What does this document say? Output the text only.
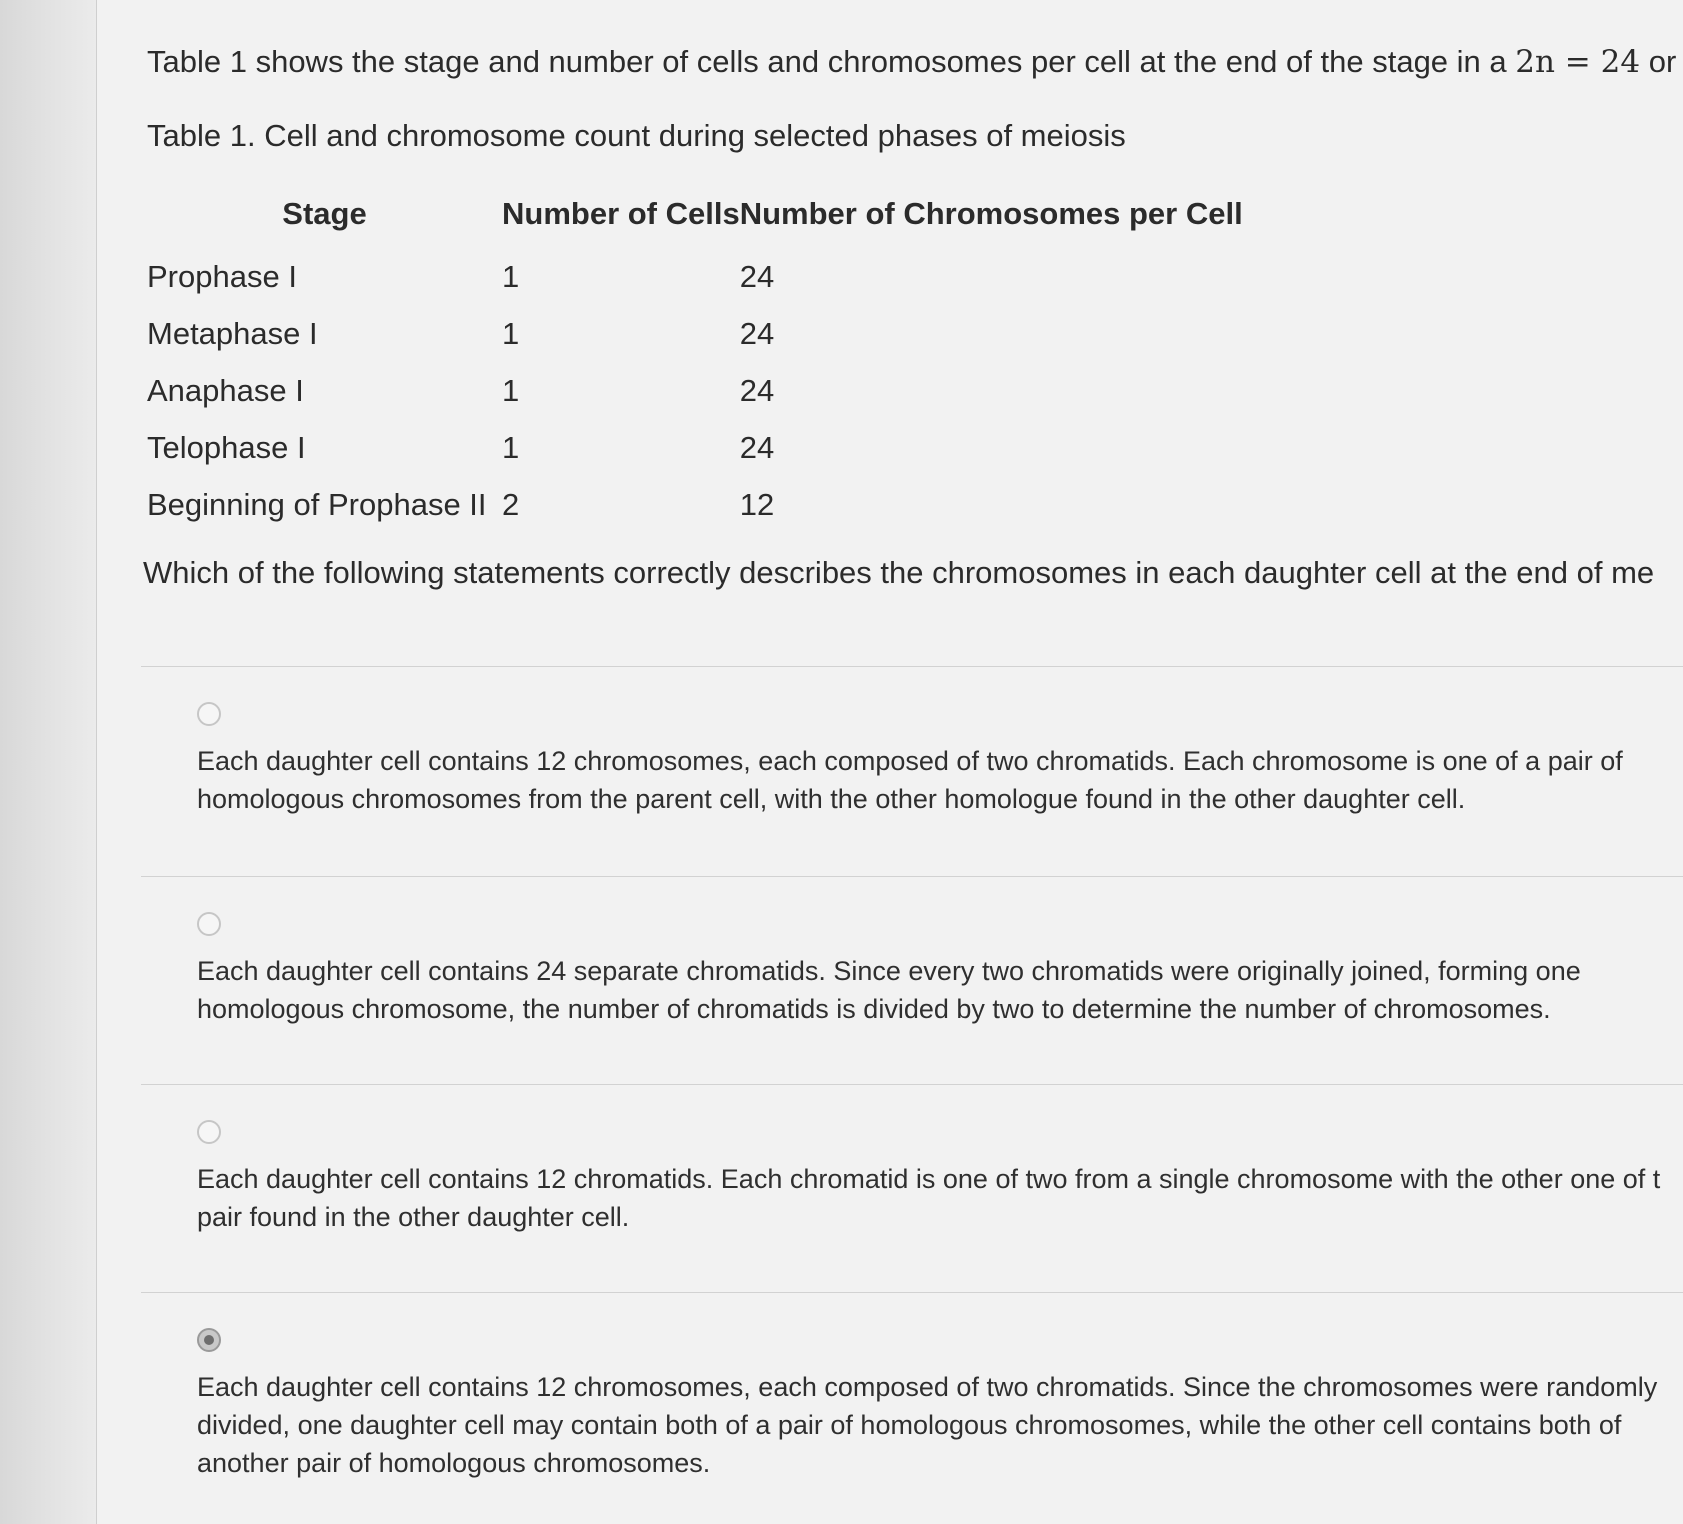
Table 1 shows the stage and number of cells and chromosomes per cell at the end of the stage in a 2n = 24 or
Table 1. Cell and chromosome count during selected phases of meiosis
Stage	Number of Cells	Number of Chromosomes per Cell
Prophase I	1	24
Metaphase I	1	24
Anaphase I	1	24
Telophase I	1	24
Beginning of Prophase II	2	12
Which of the following statements correctly describes the chromosomes in each daughter cell at the end of me
Each daughter cell contains 12 chromosomes, each composed of two chromatids. Each chromosome is one of a pair of homologous chromosomes from the parent cell, with the other homologue found in the other daughter cell.
Each daughter cell contains 24 separate chromatids. Since every two chromatids were originally joined, forming one homologous chromosome, the number of chromatids is divided by two to determine the number of chromosomes.
Each daughter cell contains 12 chromatids. Each chromatid is one of two from a single chromosome with the other one of t pair found in the other daughter cell.
Each daughter cell contains 12 chromosomes, each composed of two chromatids. Since the chromosomes were randomly divided, one daughter cell may contain both of a pair of homologous chromosomes, while the other cell contains both of another pair of homologous chromosomes.
